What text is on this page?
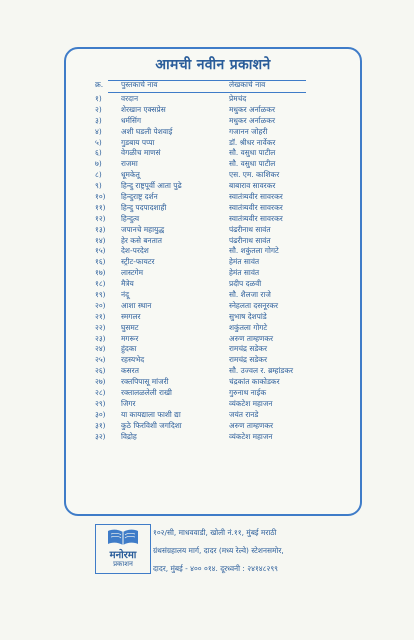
आमची नवीन प्रकाशने
क्र. पुस्तकाचे नाव	लेखकाचे नाव
१)	वरदान	प्रेमचंद
२)	शेरखान एक्सप्रेस	मधुकर अर्नाळकर
३)	धर्मसिंग	मधुकर अर्नाळकर
४)	अशी घडली पेशवाई	गजानन जोहरी
५)	गुडबाय पप्पा	डॉ. श्रीधर नार्वेकर
६)	वेगळीच माणसं	सौ. वसुधा पाटील
७)	राजमा	सौ. वसुधा पाटील
८)	धूमकेतू	एस. एम. काशिकर
९)	हिन्दु राष्ट्रपूर्वी आता पुढे	बाबाराव सावरकर
१०) हिन्दुराष्ट्र दर्शन	स्वातंत्र्यवीर सावरकर
११) हिन्दु पदपादशाही	स्वातंत्र्यवीर सावरकर
१२) हिन्दुत्व	स्वातंत्र्यवीर सावरकर
१३) जपानचे महायुद्ध	पंढरीनाथ सावंत
१४) हेर कसे बनतात	पंढरीनाथ सावंत
१५) देश-परदेश	सौ. शकुंतला गोगटे
१६) स्ट्रीट-फायटर	हेमंत सावंत
१७) लास्टगेम	हेमंत सावंत
१८) मैत्रेय	प्रदीप दळवी
१९) नंदू	सौ. शैलजा राजे
२०) आशा स्थान	स्नेहलता दसनूरकर
२१) स्मगलर	सुभाष देशपांडे
२२) घुसमट	शकुंतला गोगटे
२३) मगरूर	अरुण ताम्हणकर
२४) हुंदका	रामचंद्र सडेकर
२५) रहस्यभेद	रामचंद्र सडेकर
२६) कसरत	सौ. उज्वल र. ब्रम्हांडकर
२७) रक्तपिपासू मांजरी	चंद्रकांत काकोडकर
२८) रक्तालळलेली राखी	गुरुनाथ नाईक
२९) जिगर	व्यंकटेश महाजन
३०) या कायद्याला फाशी द्या	जयंत रानडे
३१) कुठे फिरविशी जगदिशा	अरुण ताम्हणकर
३२) विद्रोह	व्यंकटेश महाजन
मनोरमा
प्रकाशन
१०२/सी, माधववाडी, खोली नं.११, मुंबई मराठी
ग्रंथसंग्रहालय मार्ग, दादर (मध्य रेल्वे) स्टेशनसमोर,
दादर, मुंबई - ४०० ०१४. दूरध्वनी : २४१४८२९९
